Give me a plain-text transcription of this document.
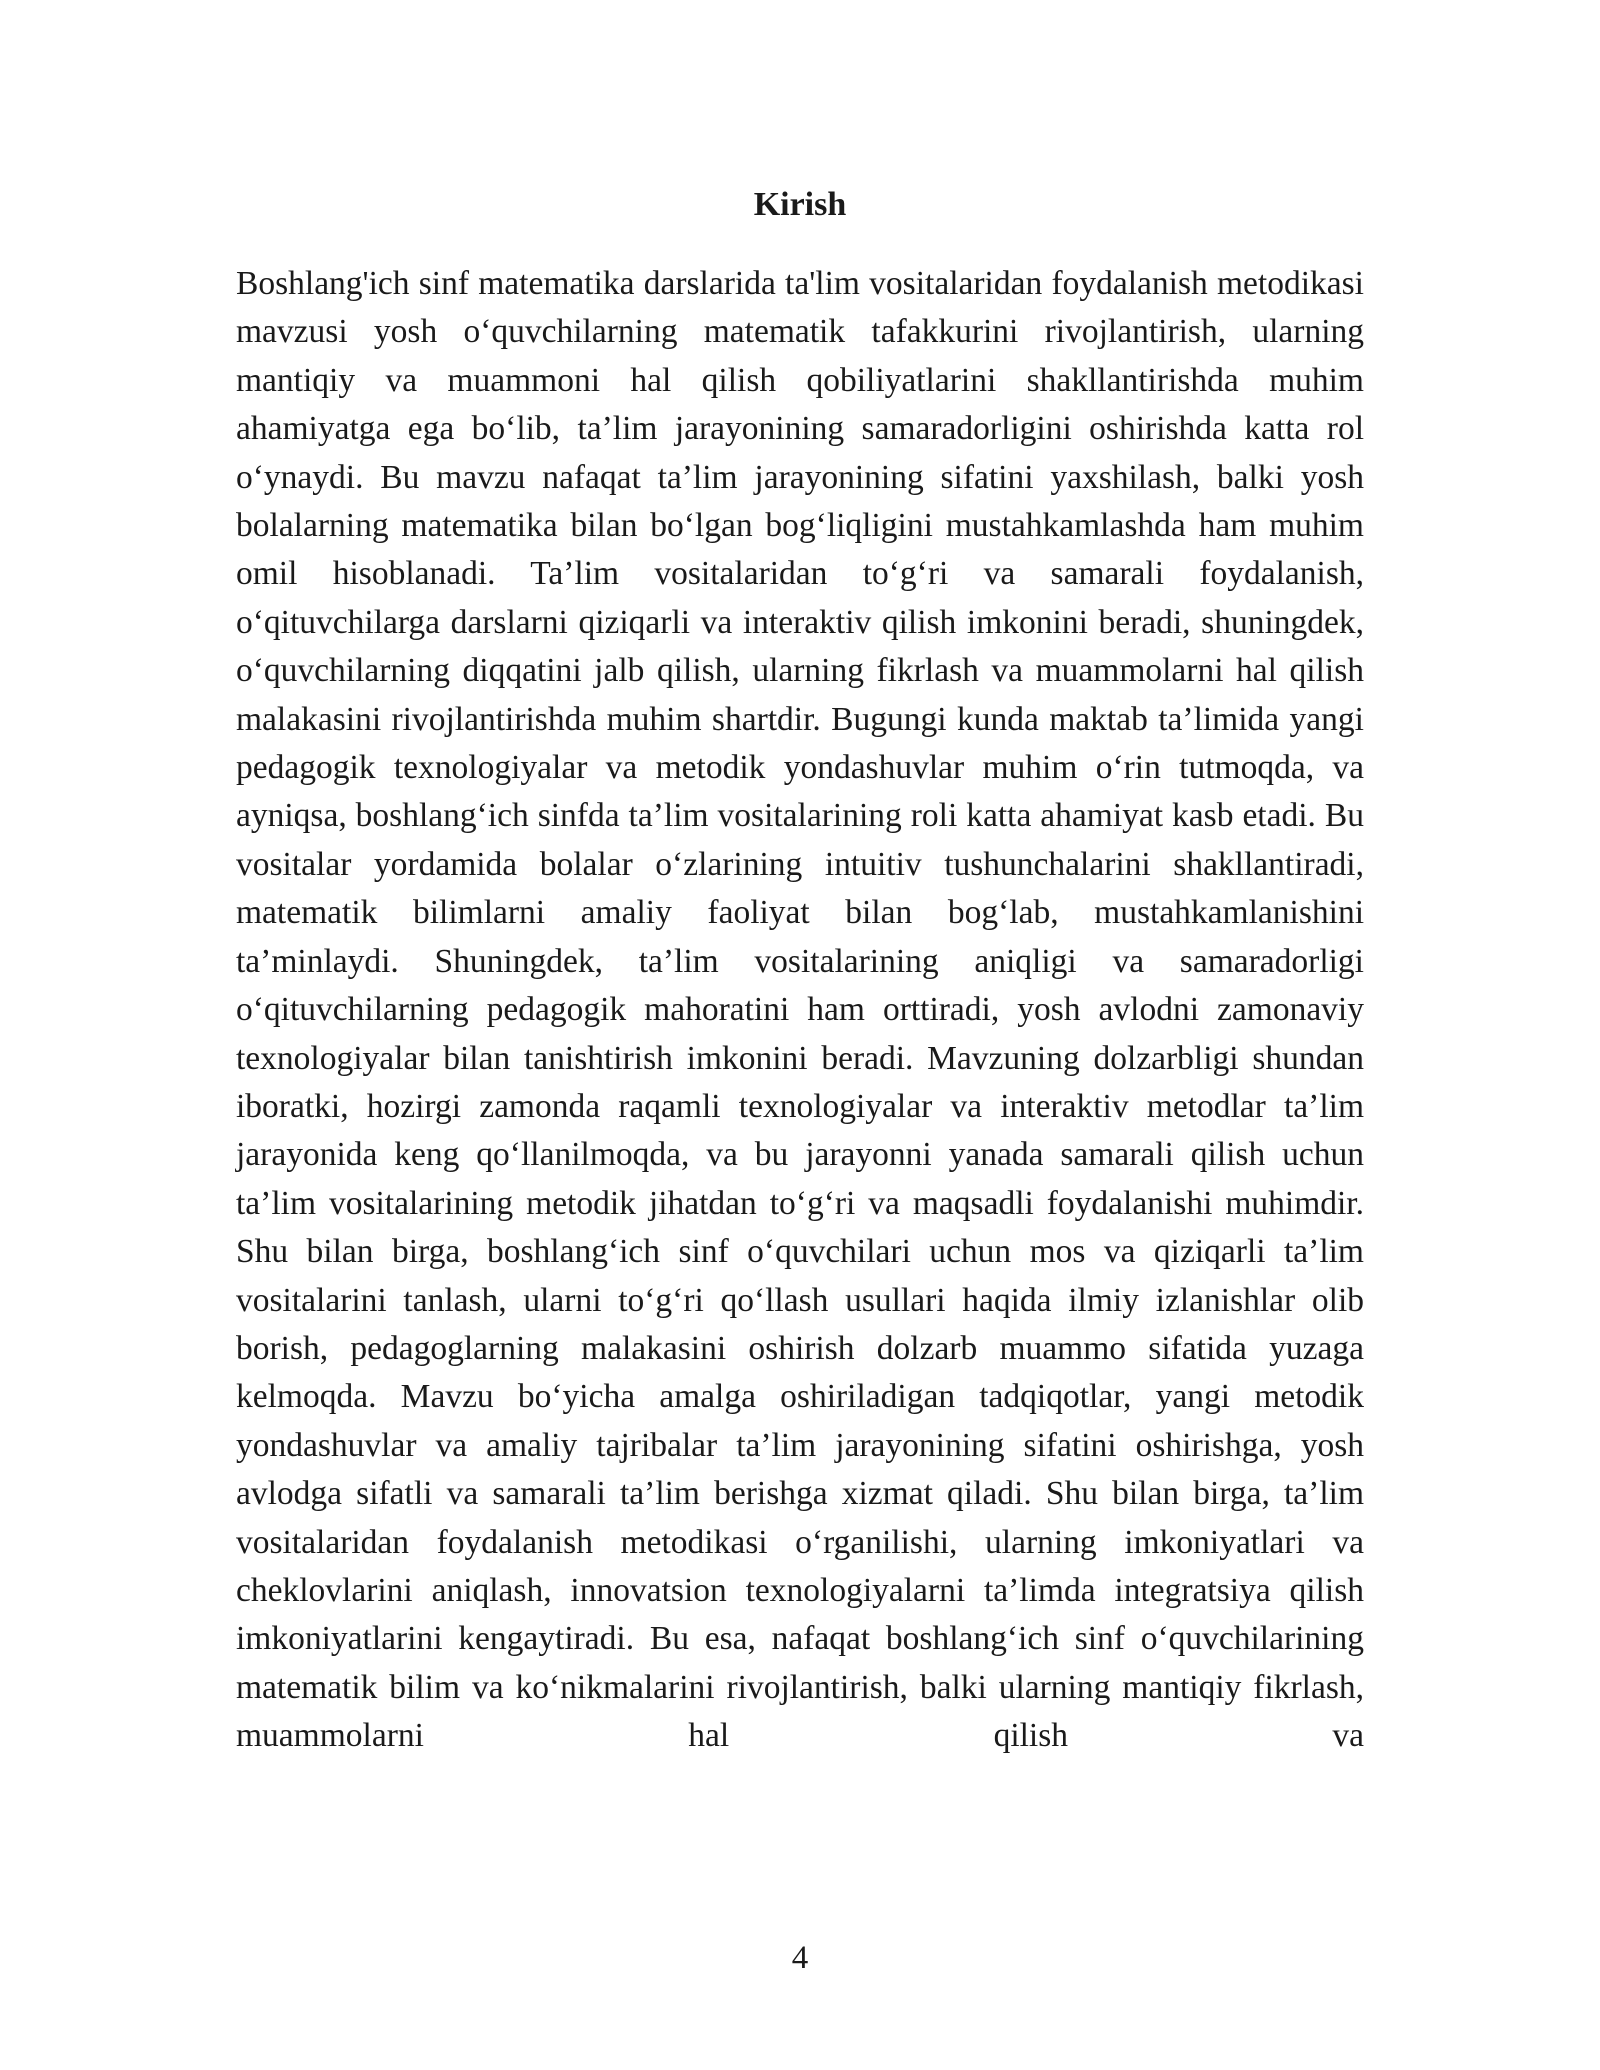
Kirish

Boshlang'ich sinf matematika darslarida ta'lim vositalaridan foydalanish metodikasi mavzusi yosh o‘quvchilarning matematik tafakkurini rivojlantirish, ularning mantiqiy va muammoni hal qilish qobiliyatlarini shakllantirishda muhim ahamiyatga ega bo‘lib, ta’lim jarayonining samaradorligini oshirishda katta rol o‘ynaydi. Bu mavzu nafaqat ta’lim jarayonining sifatini yaxshilash, balki yosh bolalarning matematika bilan bo‘lgan bog‘liqligini mustahkamlashda ham muhim omil hisoblanadi. Ta’lim vositalaridan to‘g‘ri va samarali foydalanish, o‘qituvchilarga darslarni qiziqarli va interaktiv qilish imkonini beradi, shuningdek, o‘quvchilarning diqqatini jalb qilish, ularning fikrlash va muammolarni hal qilish malakasini rivojlantirishda muhim shartdir. Bugungi kunda maktab ta’limida yangi pedagogik texnologiyalar va metodik yondashuvlar muhim o‘rin tutmoqda, va ayniqsa, boshlang‘ich sinfda ta’lim vositalarining roli katta ahamiyat kasb etadi. Bu vositalar yordamida bolalar o‘zlarining intuitiv tushunchalarini shakllantiradi, matematik bilimlarni amaliy faoliyat bilan bog‘lab, mustahkamlanishini ta’minlaydi. Shuningdek, ta’lim vositalarining aniqligi va samaradorligi o‘qituvchilarning pedagogik mahoratini ham orttiradi, yosh avlodni zamonaviy texnologiyalar bilan tanishtirish imkonini beradi. Mavzuning dolzarbligi shundan iboratki, hozirgi zamonda raqamli texnologiyalar va interaktiv metodlar ta’lim jarayonida keng qo‘llanilmoqda, va bu jarayonni yanada samarali qilish uchun ta’lim vositalarining metodik jihatdan to‘g‘ri va maqsadli foydalanishi muhimdir. Shu bilan birga, boshlang‘ich sinf o‘quvchilari uchun mos va qiziqarli ta’lim vositalarini tanlash, ularni to‘g‘ri qo‘llash usullari haqida ilmiy izlanishlar olib borish, pedagoglarning malakasini oshirish dolzarb muammo sifatida yuzaga kelmoqda. Mavzu bo‘yicha amalga oshiriladigan tadqiqotlar, yangi metodik yondashuvlar va amaliy tajribalar ta’lim jarayonining sifatini oshirishga, yosh avlodga sifatli va samarali ta’lim berishga xizmat qiladi. Shu bilan birga, ta’lim vositalaridan foydalanish metodikasi o‘rganilishi, ularning imkoniyatlari va cheklovlarini aniqlash, innovatsion texnologiyalarni ta’limda integratsiya qilish imkoniyatlarini kengaytiradi. Bu esa, nafaqat boshlang‘ich sinf o‘quvchilarining matematik bilim va ko‘nikmalarini rivojlantirish, balki ularning mantiqiy fikrlash, muammolarni hal qilish va

4
